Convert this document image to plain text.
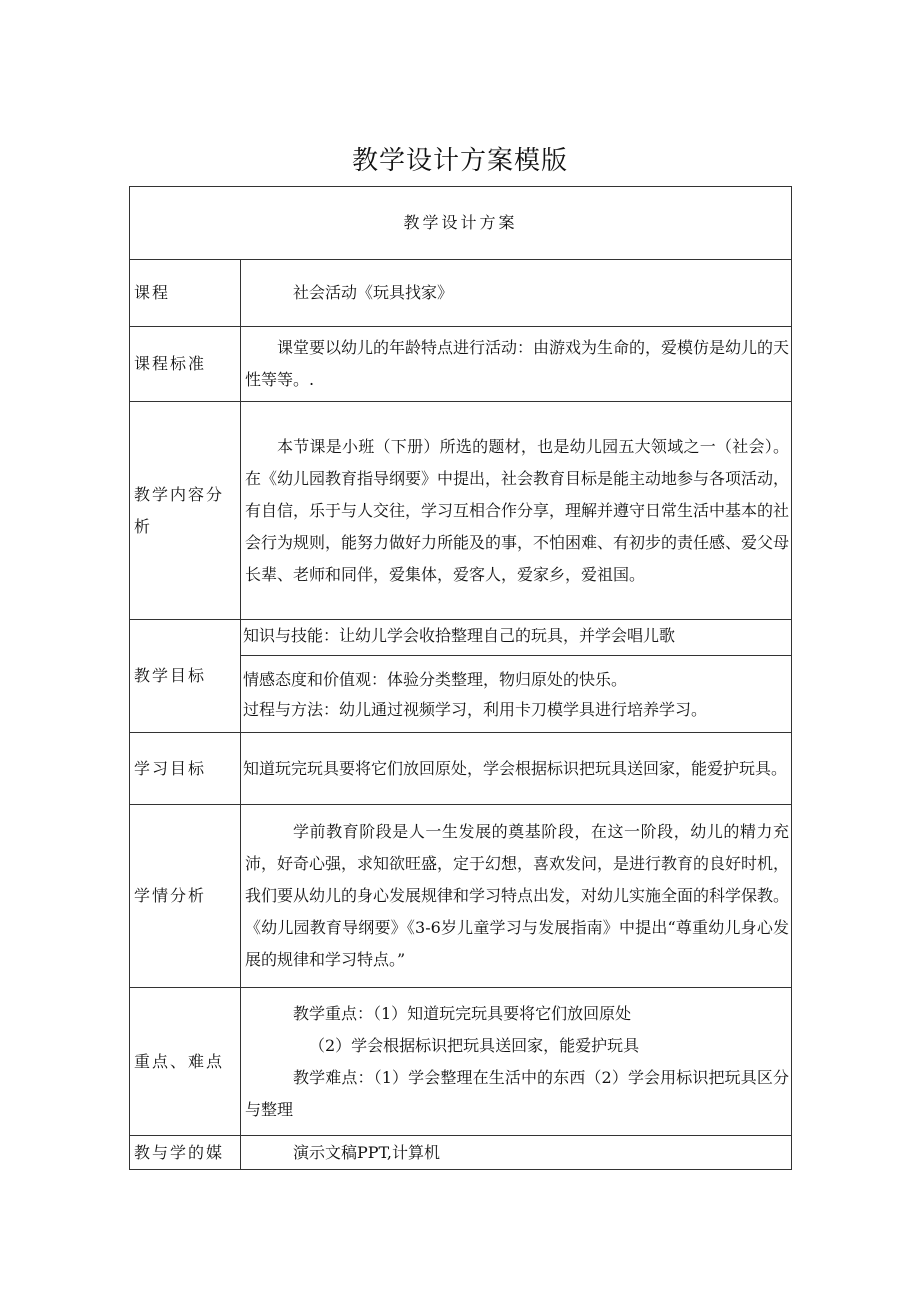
教学设计方案模版
教学设计方案	
课程	社会活动《玩具找家》
课程标准	课堂要以幼儿的年龄特点进行活动：由游戏为生命的，爱模仿是幼儿的天性等等。.
教学内容分析	本节课是小班（下册）所选的题材，也是幼儿园五大领域之一（社会）。在《幼儿园教育指导纲要》中提出，社会教育目标是能主动地参与各项活动，有自信，乐于与人交往，学习互相合作分享，理解并遵守日常生活中基本的社会行为规则，能努力做好力所能及的事，不怕困难、有初步的责任感、爱父母长辈、老师和同伴，爱集体，爱客人，爱家乡，爱祖国。
教学目标	知识与技能：让幼儿学会收拾整理自己的玩具，并学会唱儿歌
情感态度和价值观：体验分类整理，物归原处的快乐。
过程与方法：幼儿通过视频学习，利用卡刀模学具进行培养学习。

学习目标	知道玩完玩具要将它们放回原处，学会根据标识把玩具送回家，能爱护玩具。
学情分析	学前教育阶段是人一生发展的奠基阶段，在这一阶段，幼儿的精力充沛，好奇心强，求知欲旺盛，定于幻想，喜欢发问，是进行教育的良好时机，我们要从幼儿的身心发展规律和学习特点出发，对幼儿实施全面的科学保教。《幼儿园教育导纲要》《3-6岁儿童学习与发展指南》中提出“尊重幼儿身心发展的规律和学习特点。”
重点、难点	教学重点：（1）知道玩完玩具要将它们放回原处

（2）学会根据标识把玩具送回家，能爱护玩具

教学难点：（1）学会整理在生活中的东西（2）学会用标识把玩具区分与整理

教与学的媒	演示文稿PPT,计算机
